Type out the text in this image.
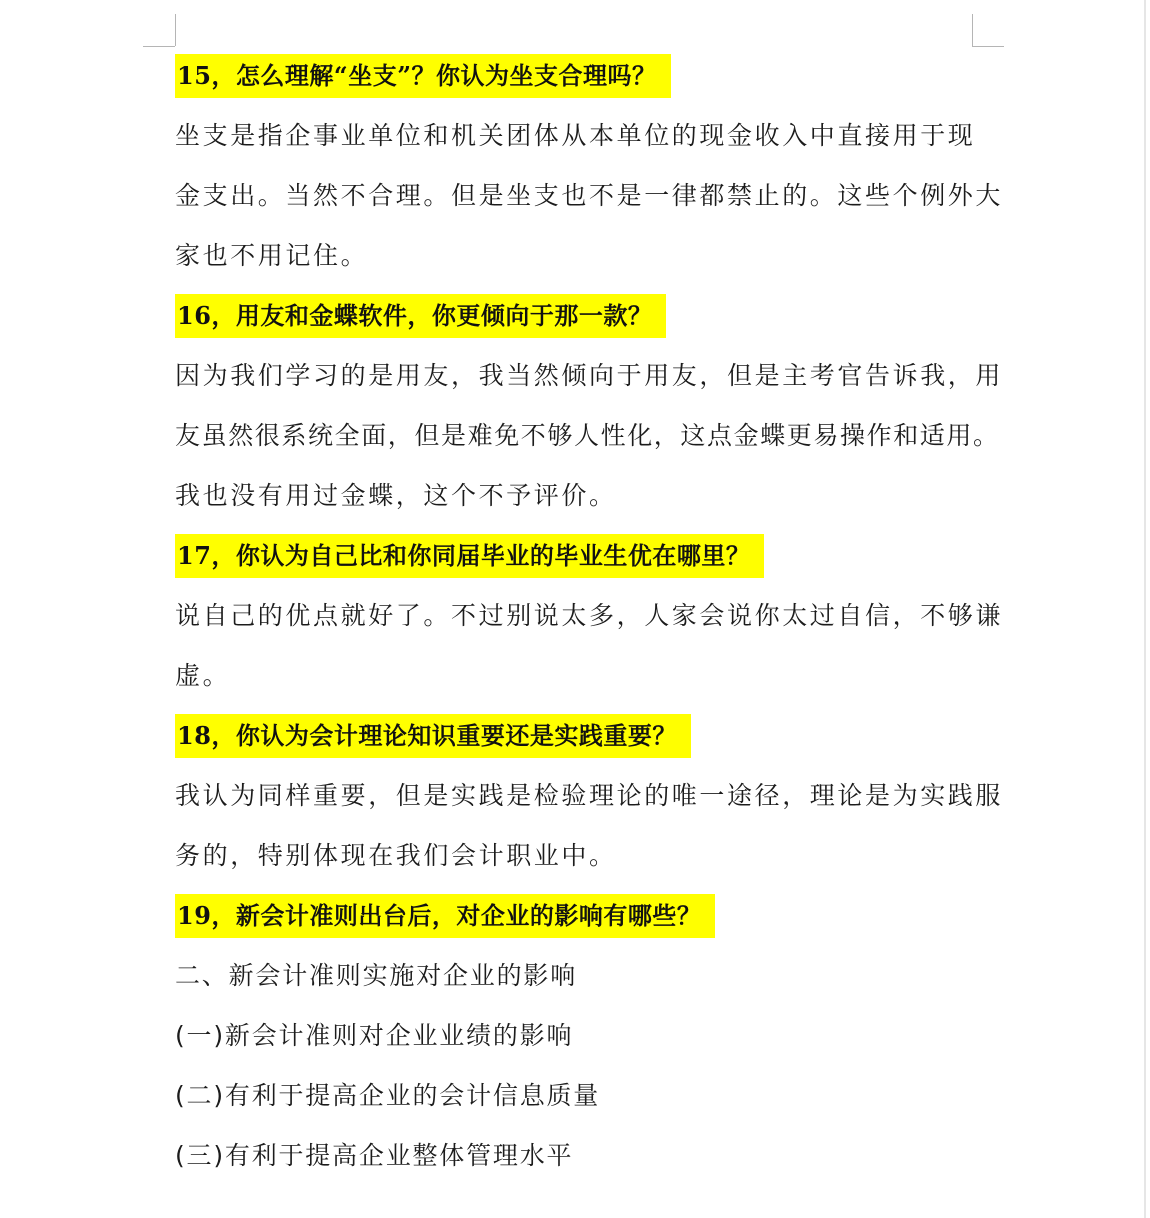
15，怎么理解“坐支”？你认为坐支合理吗？
坐支是指企事业单位和机关团体从本单位的现金收入中直接用于现
金支出。当然不合理。但是坐支也不是一律都禁止的。这些个例外大
家也不用记住。
16，用友和金蝶软件，你更倾向于那一款？
因为我们学习的是用友，我当然倾向于用友，但是主考官告诉我，用
友虽然很系统全面，但是难免不够人性化，这点金蝶更易操作和适用。
我也没有用过金蝶，这个不予评价。
17，你认为自己比和你同届毕业的毕业生优在哪里？
说自己的优点就好了。不过别说太多，人家会说你太过自信，不够谦
虚。
18，你认为会计理论知识重要还是实践重要？
我认为同样重要，但是实践是检验理论的唯一途径，理论是为实践服
务的，特别体现在我们会计职业中。
19，新会计准则出台后，对企业的影响有哪些？
二、新会计准则实施对企业的影响
(一)新会计准则对企业业绩的影响
(二)有利于提高企业的会计信息质量
(三)有利于提高企业整体管理水平
